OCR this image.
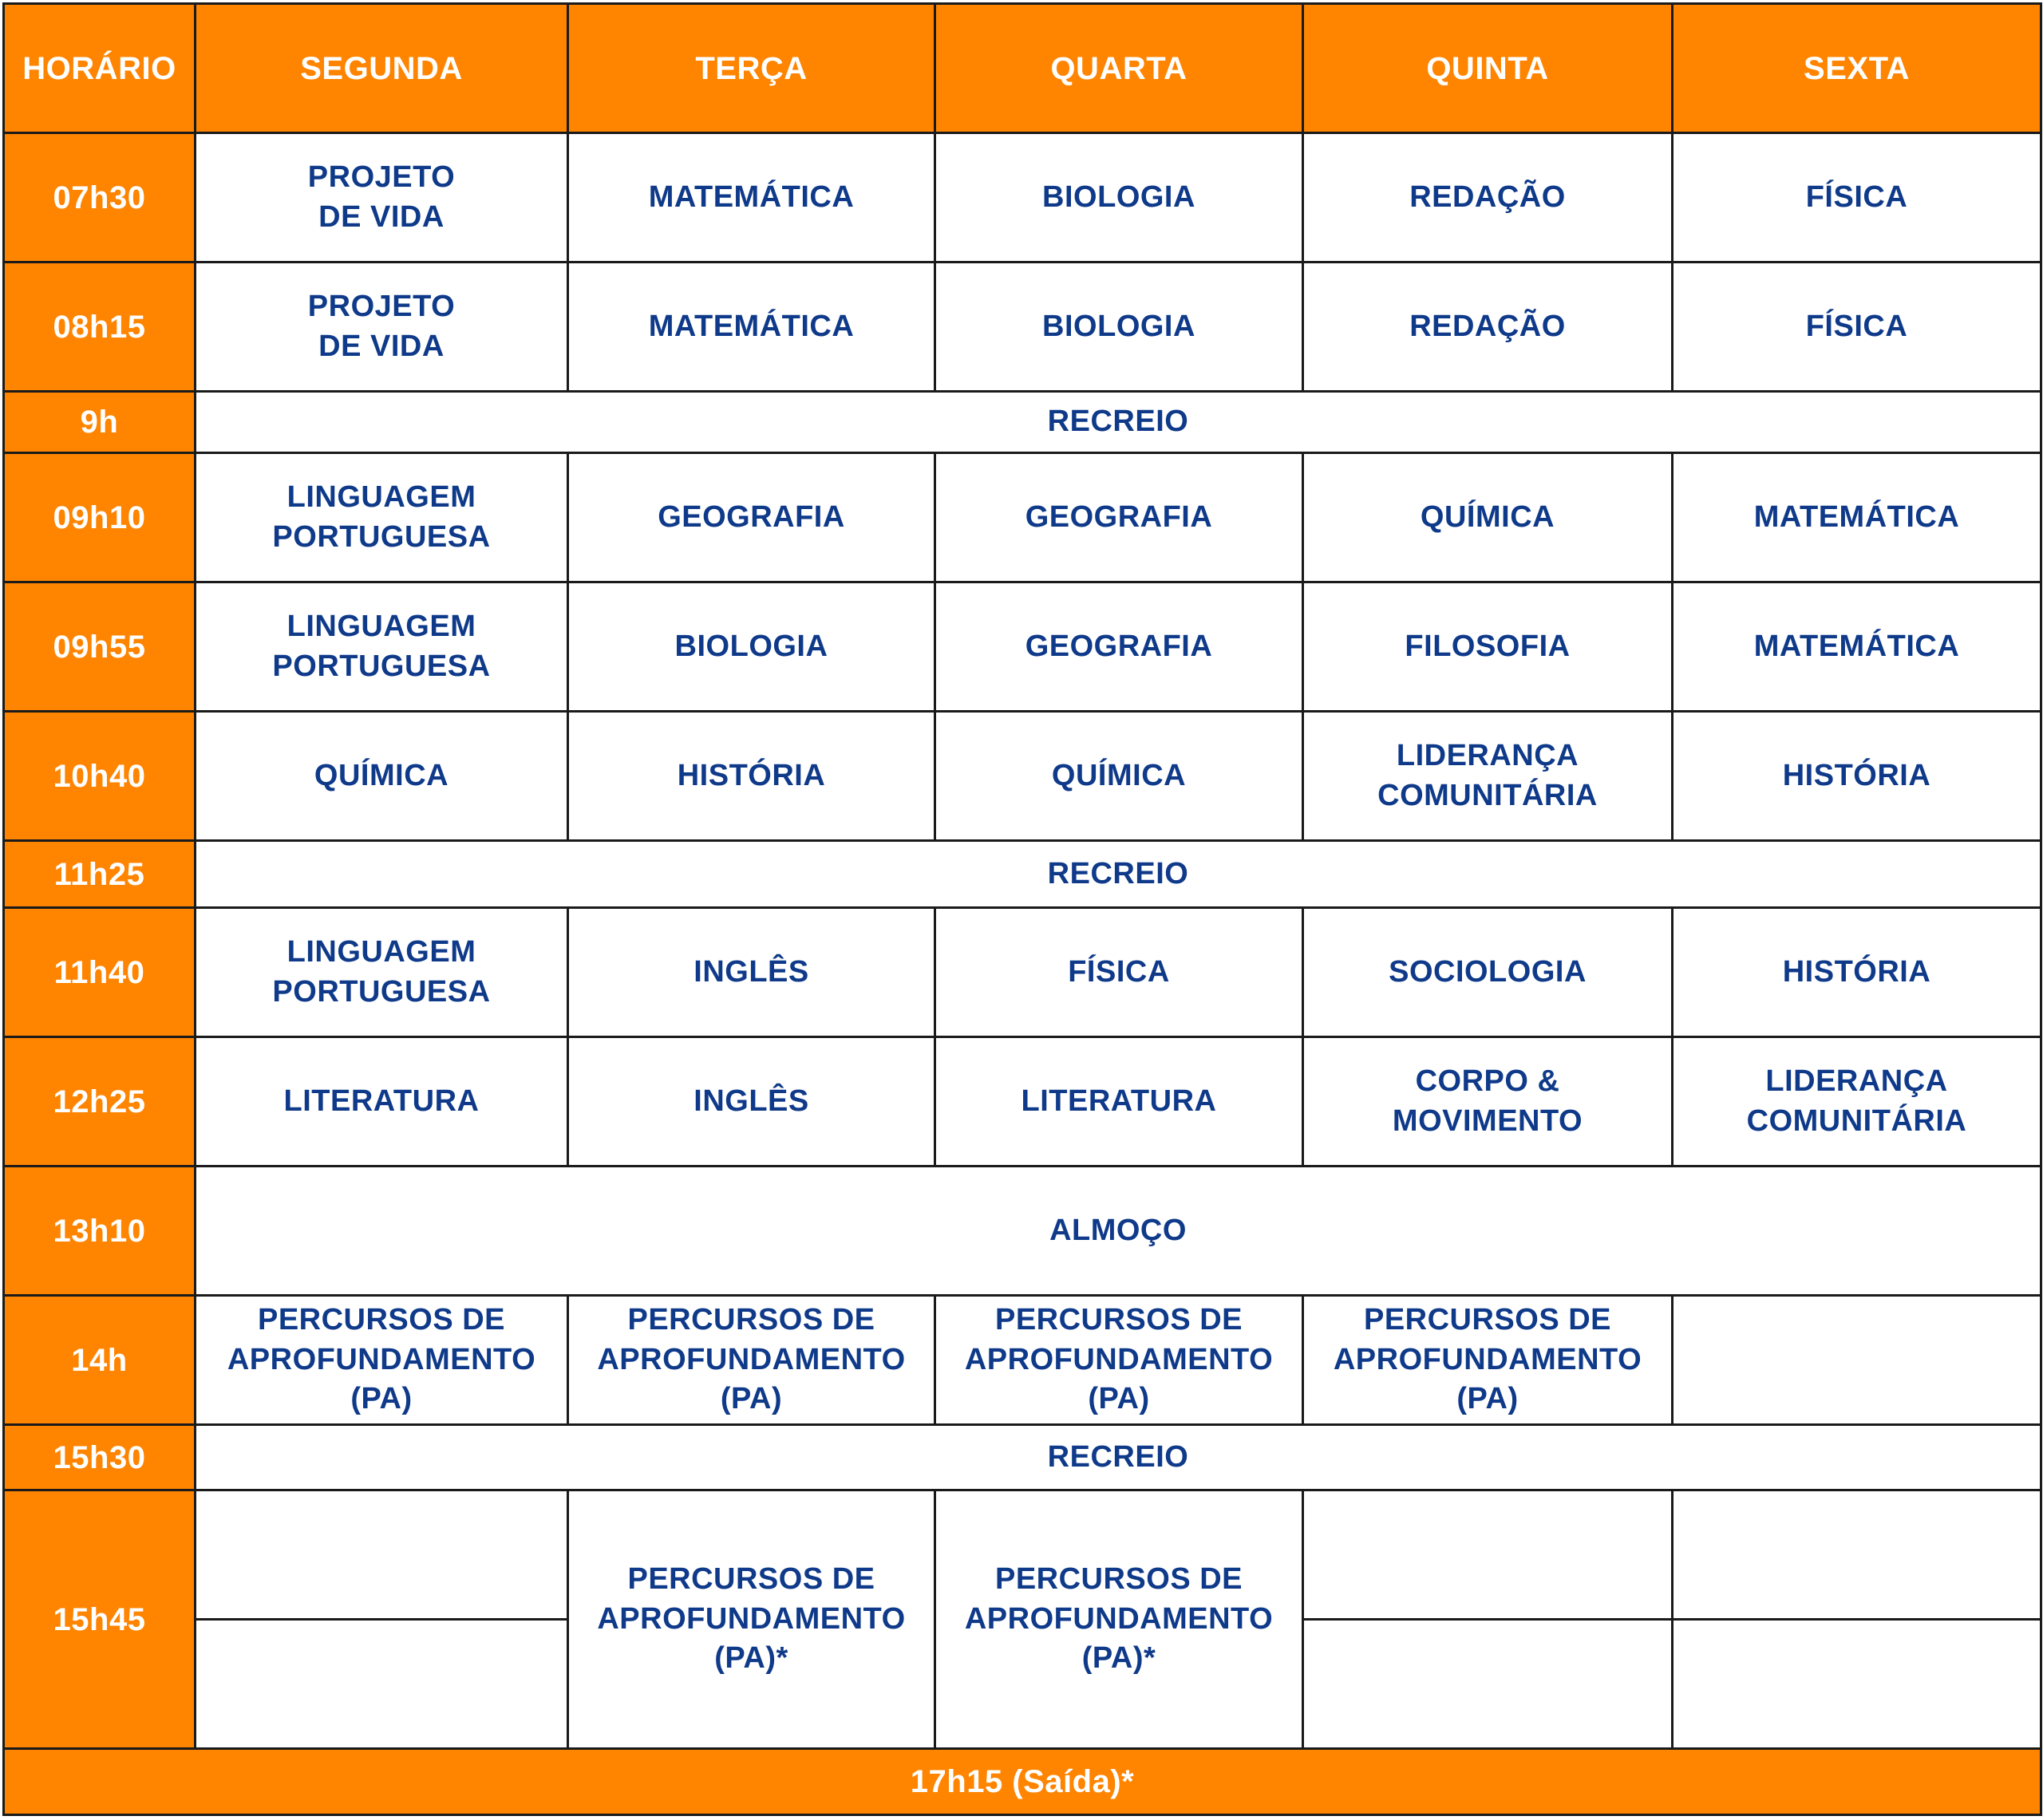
HORÁRIO	SEGUNDA	TERÇA	QUARTA	QUINTA	SEXTA
07h30	PROJETO
DE VIDA	MATEMÁTICA	BIOLOGIA	REDAÇÃO	FÍSICA
08h15	PROJETO
DE VIDA	MATEMÁTICA	BIOLOGIA	REDAÇÃO	FÍSICA
9h	RECREIO				
09h10	LINGUAGEM
PORTUGUESA	GEOGRAFIA	GEOGRAFIA	QUÍMICA	MATEMÁTICA
09h55	LINGUAGEM
PORTUGUESA	BIOLOGIA	GEOGRAFIA	FILOSOFIA	MATEMÁTICA
10h40	QUÍMICA	HISTÓRIA	QUÍMICA	LIDERANÇA
COMUNITÁRIA	HISTÓRIA
11h25	RECREIO				
11h40	LINGUAGEM
PORTUGUESA	INGLÊS	FÍSICA	SOCIOLOGIA	HISTÓRIA
12h25	LITERATURA	INGLÊS	LITERATURA	CORPO &
MOVIMENTO	LIDERANÇA
COMUNITÁRIA
13h10	ALMOÇO				
14h	PERCURSOS DE
APROFUNDAMENTO
(PA)	PERCURSOS DE
APROFUNDAMENTO
(PA)	PERCURSOS DE
APROFUNDAMENTO
(PA)	PERCURSOS DE
APROFUNDAMENTO
(PA)	
15h30	RECREIO				
15h45		PERCURSOS DE
APROFUNDAMENTO
(PA)*	PERCURSOS DE
APROFUNDAMENTO
(PA)*		

17h15 (Saída)*					
